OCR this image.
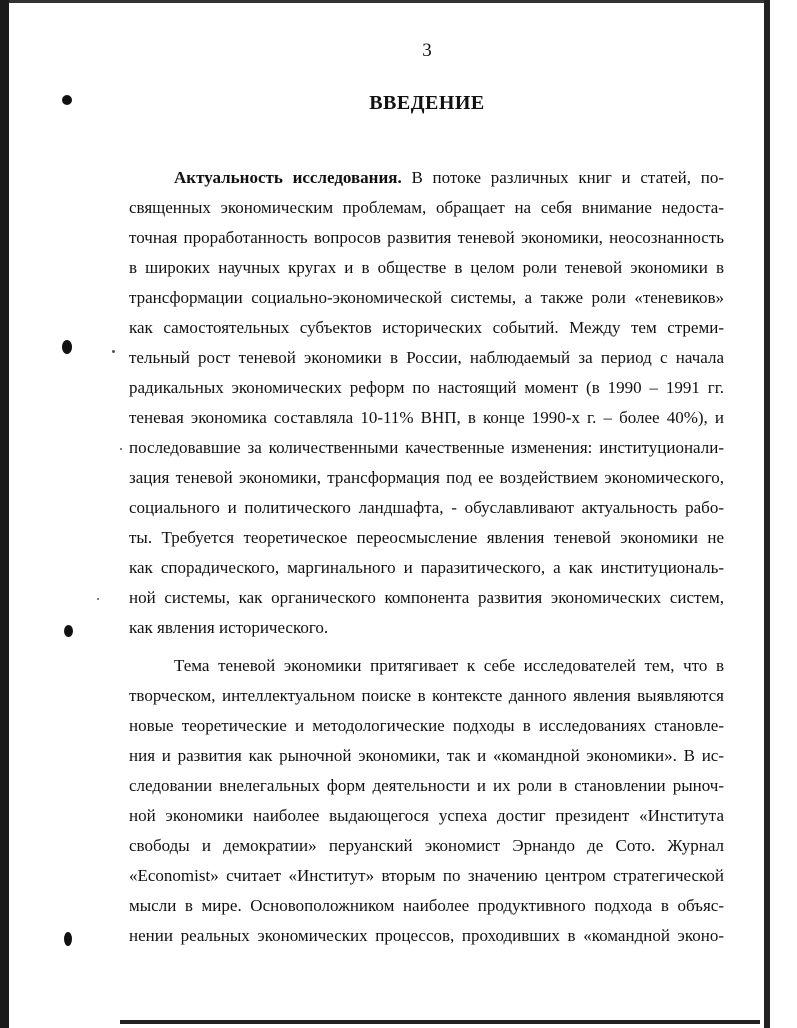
3
ВВЕДЕНИЕ
Актуальность исследования. В потоке различных книг и статей, по-
священных экономическим проблемам, обращает на себя внимание недоста-
точная проработанность вопросов развития теневой экономики, неосознанность
в широких научных кругах и в обществе в целом роли теневой экономики в
трансформации социально-экономической системы, а также роли «теневиков»
как самостоятельных субъектов исторических событий. Между тем стреми-
тельный рост теневой экономики в России, наблюдаемый за период с начала
радикальных экономических реформ по настоящий момент (в 1990 – 1991 гг.
теневая экономика составляла 10-11% ВНП, в конце 1990-х г. – более 40%), и
последовавшие за количественными качественные изменения: институционали-
зация теневой экономики, трансформация под ее воздействием экономического,
социального и политического ландшафта, - обуславливают актуальность рабо-
ты. Требуется теоретическое переосмысление явления теневой экономики не
как спорадического, маргинального и паразитического, а как институциональ-
ной системы, как органического компонента развития экономических систем,
как явления исторического.
Тема теневой экономики притягивает к себе исследователей тем, что в
творческом, интеллектуальном поиске в контексте данного явления выявляются
новые теоретические и методологические подходы в исследованиях становле-
ния и развития как рыночной экономики, так и «командной экономики». В ис-
следовании внелегальных форм деятельности и их роли в становлении рыноч-
ной экономики наиболее выдающегося успеха достиг президент «Института
свободы и демократии» перуанский экономист Эрнандо де Сото. Журнал
«Economist» считает «Институт» вторым по значению центром стратегической
мысли в мире. Основоположником наиболее продуктивного подхода в объяс-
нении реальных экономических процессов, проходивших в «командной эконо-
